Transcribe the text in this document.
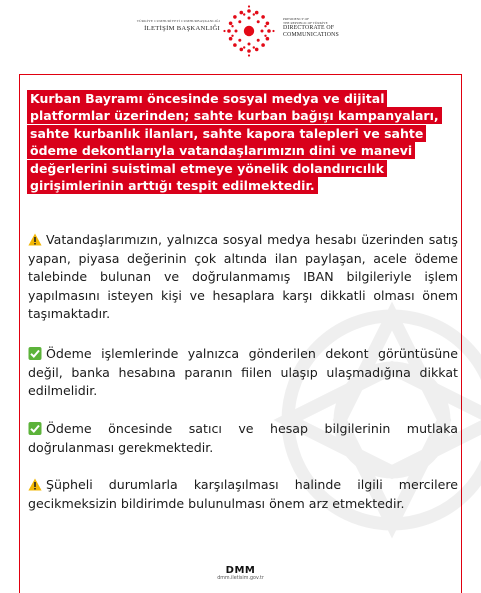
TÜRKİYE CUMHURİYETİ CUMHURBAŞKANLIĞI
İLETİŞİM BAŞKANLIĞI
PRESIDENCY OF
THE REPUBLIC OF TÜRKİYE
DIRECTORATE OF
COMMUNICATIONS
Kurban Bayramı öncesinde sosyal medya ve dijital platformlar üzerinden; sahte kurban bağışı kampanyaları, sahte kurbanlık ilanları, sahte kapora talepleri ve sahte ödeme dekontlarıyla vatandaşlarımızın dini ve manevi değerlerini suistimal etmeye yönelik dolandırıcılık girişimlerinin arttığı tespit edilmektedir.
Vatandaşlarımızın, yalnızca sosyal medya hesabı üzerinden satış yapan, piyasa değerinin çok altında ilan paylaşan, acele ödeme talebinde bulunan ve doğrulanmamış IBAN bilgileriyle işlem yapılmasını isteyen kişi ve hesaplara karşı dikkatli olması önem taşımaktadır.
Ödeme işlemlerinde yalnızca gönderilen dekont görüntüsüne değil, banka hesabına paranın fiilen ulaşıp ulaşmadığına dikkat edilmelidir.
Ödeme öncesinde satıcı ve hesap bilgilerinin mutlaka doğrulanması gerekmektedir.
Şüpheli durumlarla karşılaşılması halinde ilgili mercilere gecikmeksizin bildirimde bulunulması önem arz etmektedir.
DMM
dmm.iletisim.gov.tr
